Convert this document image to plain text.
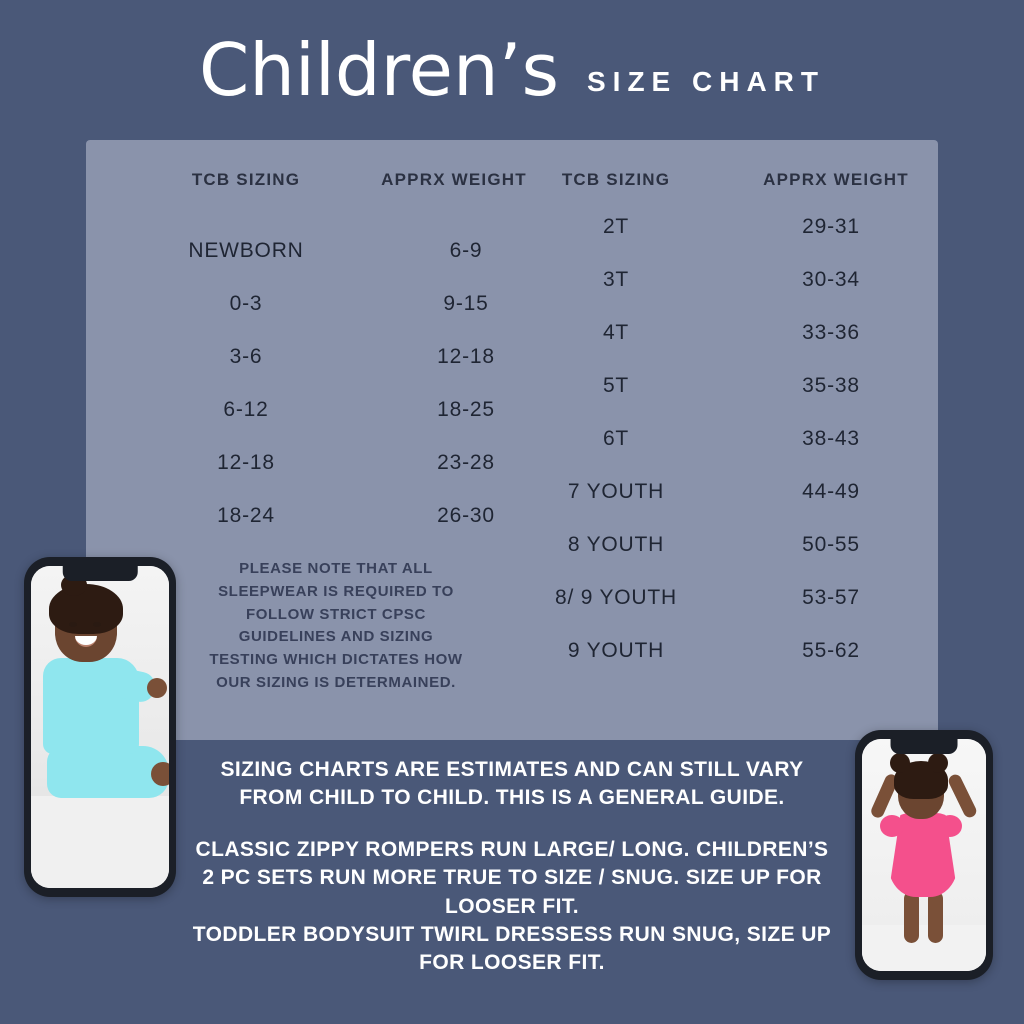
Children’s SIZE CHART
TCB SIZING	APPRX WEIGHT	TCB SIZING	APPRX WEIGHT
NEWBORN	6-9
0-3	9-15
3-6	12-18
6-12	18-25
12-18	23-28
18-24	26-30
2T	29-31
3T	30-34
4T	33-36
5T	35-38
6T	38-43
7 YOUTH	44-49
8 YOUTH	50-55
8/ 9 YOUTH	53-57
9 YOUTH	55-62
PLEASE NOTE THAT ALL SLEEPWEAR IS REQUIRED TO FOLLOW STRICT CPSC GUIDELINES AND SIZING TESTING WHICH DICTATES HOW OUR SIZING IS DETERMAINED.
SIZING CHARTS ARE ESTIMATES AND CAN STILL VARY
FROM CHILD TO CHILD. THIS IS A GENERAL GUIDE.
CLASSIC ZIPPY ROMPERS RUN LARGE/ LONG. CHILDREN’S
2 PC SETS RUN MORE TRUE TO SIZE / SNUG. SIZE UP FOR
LOOSER FIT.
TODDLER BODYSUIT TWIRL DRESSESS RUN SNUG, SIZE UP
FOR LOOSER FIT.
